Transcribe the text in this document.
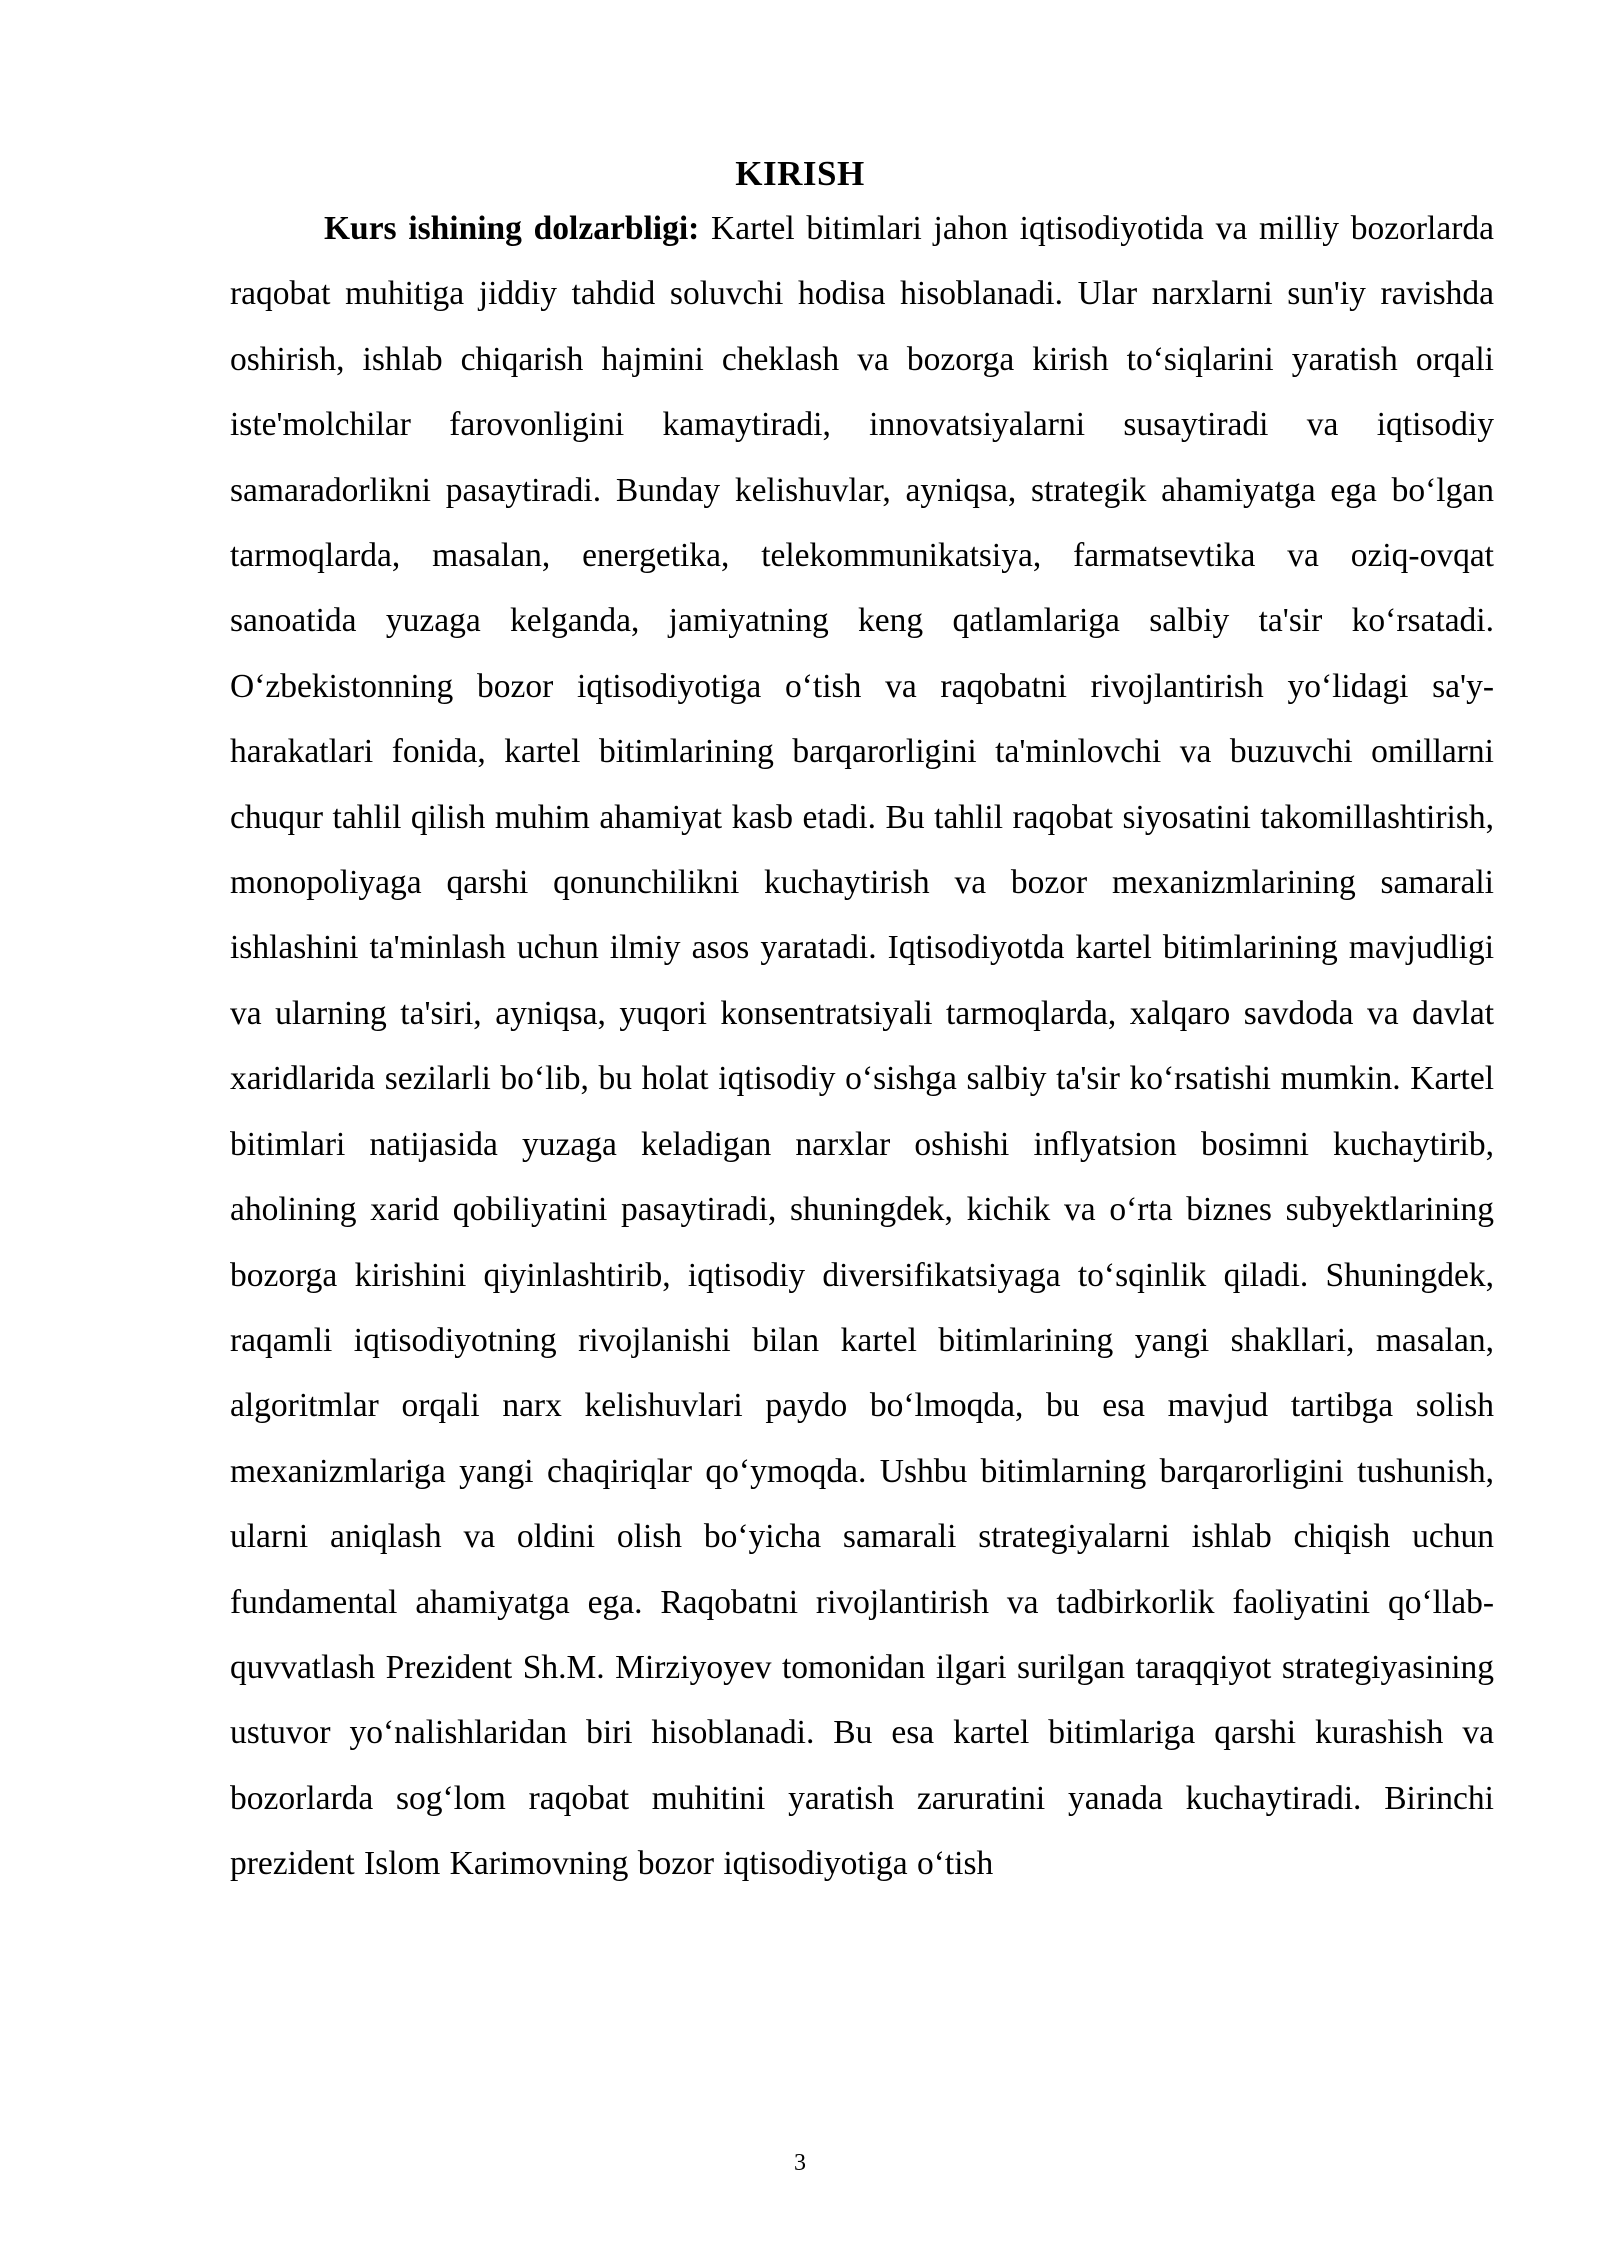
KIRISH

Kurs ishining dolzarbligi: Kartel bitimlari jahon iqtisodiyotida va milliy bozorlarda raqobat muhitiga jiddiy tahdid soluvchi hodisa hisoblanadi. Ular narxlarni sun'iy ravishda oshirish, ishlab chiqarish hajmini cheklash va bozorga kirish to‘siqlarini yaratish orqali iste'molchilar farovonligini kamaytiradi, innovatsiyalarni susaytiradi va iqtisodiy samaradorlikni pasaytiradi. Bunday kelishuvlar, ayniqsa, strategik ahamiyatga ega bo‘lgan tarmoqlarda, masalan, energetika, telekommunikatsiya, farmatsevtika va oziq-ovqat sanoatida yuzaga kelganda, jamiyatning keng qatlamlariga salbiy ta'sir ko‘rsatadi. O‘zbekistonning bozor iqtisodiyotiga o‘tish va raqobatni rivojlantirish yo‘lidagi sa'y-harakatlari fonida, kartel bitimlarining barqarorligini ta'minlovchi va buzuvchi omillarni chuqur tahlil qilish muhim ahamiyat kasb etadi. Bu tahlil raqobat siyosatini takomillashtirish, monopoliyaga qarshi qonunchilikni kuchaytirish va bozor mexanizmlarining samarali ishlashini ta'minlash uchun ilmiy asos yaratadi. Iqtisodiyotda kartel bitimlarining mavjudligi va ularning ta'siri, ayniqsa, yuqori konsentratsiyali tarmoqlarda, xalqaro savdoda va davlat xaridlarida sezilarli bo‘lib, bu holat iqtisodiy o‘sishga salbiy ta'sir ko‘rsatishi mumkin. Kartel bitimlari natijasida yuzaga keladigan narxlar oshishi inflyatsion bosimni kuchaytirib, aholining xarid qobiliyatini pasaytiradi, shuningdek, kichik va o‘rta biznes subyektlarining bozorga kirishini qiyinlashtirib, iqtisodiy diversifikatsiyaga to‘sqinlik qiladi. Shuningdek, raqamli iqtisodiyotning rivojlanishi bilan kartel bitimlarining yangi shakllari, masalan, algoritmlar orqali narx kelishuvlari paydo bo‘lmoqda, bu esa mavjud tartibga solish mexanizmlariga yangi chaqiriqlar qo‘ymoqda. Ushbu bitimlarning barqarorligini tushunish, ularni aniqlash va oldini olish bo‘yicha samarali strategiyalarni ishlab chiqish uchun fundamental ahamiyatga ega. Raqobatni rivojlantirish va tadbirkorlik faoliyatini qo‘llab-quvvatlash Prezident Sh.M. Mirziyoyev tomonidan ilgari surilgan taraqqiyot strategiyasining ustuvor yo‘nalishlaridan biri hisoblanadi. Bu esa kartel bitimlariga qarshi kurashish va bozorlarda sog‘lom raqobat muhitini yaratish zaruratini yanada kuchaytiradi. Birinchi prezident Islom Karimovning bozor iqtisodiyotiga o‘tish

3
